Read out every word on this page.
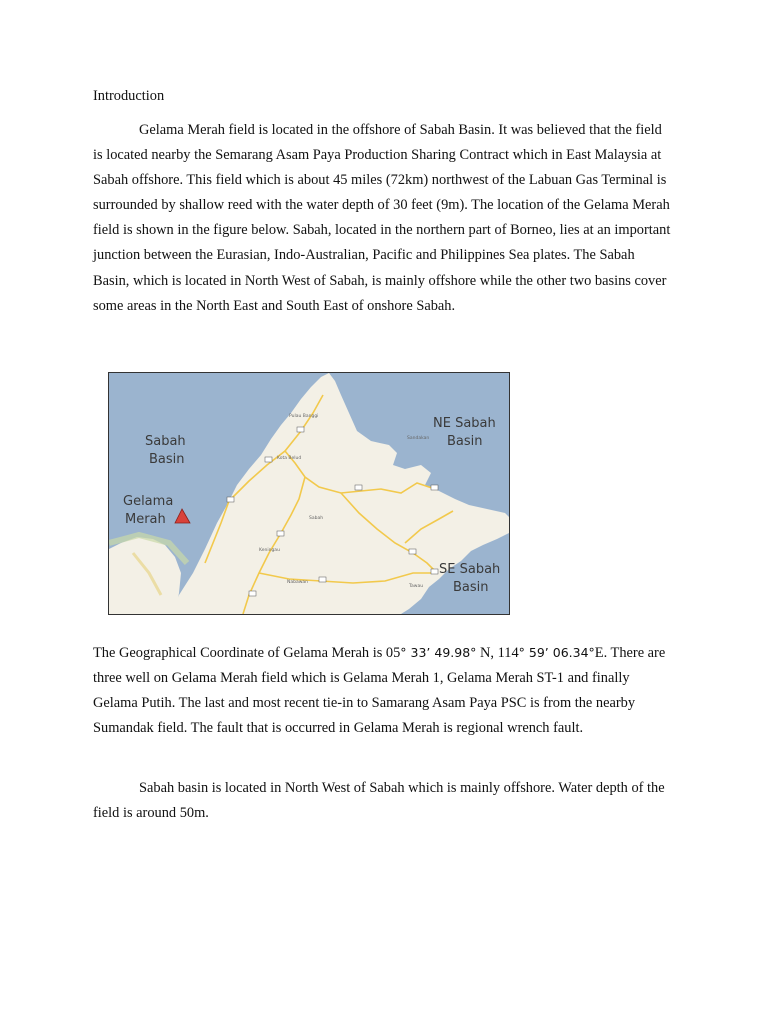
Introduction

Gelama Merah field is located in the offshore of Sabah Basin. It was believed that the field is located nearby the Semarang Asam Paya Production Sharing Contract which in East Malaysia at Sabah offshore. This field which is about 45 miles (72km) northwest of the Labuan Gas Terminal is surrounded by shallow reed with the water depth of 30 feet (9m). The location of the Gelama Merah field is shown in the figure below. Sabah, located in the northern part of Borneo, lies at an important junction between the Eurasian, Indo-Australian, Pacific and Philippines Sea plates. The Sabah Basin, which is located in North West of Sabah, is mainly offshore while the other two basins cover some areas in the North East and South East of onshore Sabah.

Pulau Banggi
Kota Belud
Sabah
Nabawan
Keningau
Sandakan
Tawau
Sabah
Basin
Gelama
Merah
NE Sabah
Basin
SE Sabah
Basin

The Geographical Coordinate of Gelama Merah is 05° 33’ 49.98° N, 114° 59’ 06.34°E. There are three well on Gelama Merah field which is Gelama Merah 1, Gelama Merah ST-1 and finally Gelama Putih. The last and most recent tie-in to Samarang Asam Paya PSC is from the nearby Sumandak field. The fault that is occurred in Gelama Merah is regional wrench fault.

Sabah basin is located in North West of Sabah which is mainly offshore. Water depth of the field is around 50m.
